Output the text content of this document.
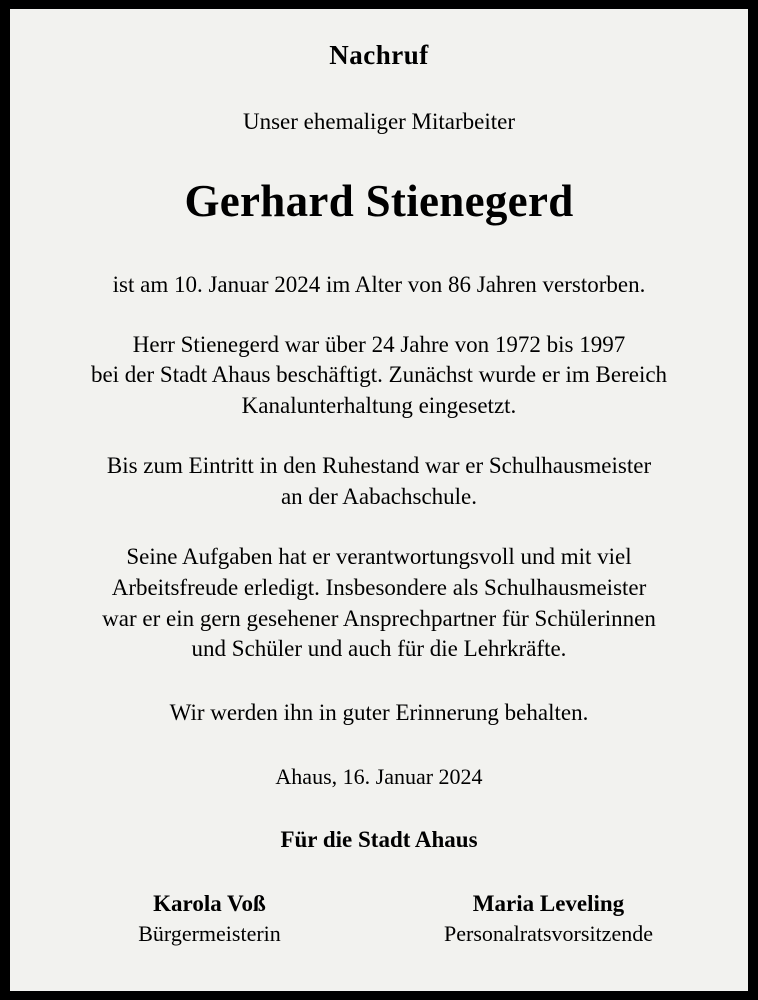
Nachruf
Unser ehemaliger Mitarbeiter
Gerhard Stienegerd
ist am 10. Januar 2024 im Alter von 86 Jahren verstorben.
Herr Stienegerd war über 24 Jahre von 1972 bis 1997
bei der Stadt Ahaus beschäftigt. Zunächst wurde er im Bereich
Kanalunterhaltung eingesetzt.
Bis zum Eintritt in den Ruhestand war er Schulhausmeister
an der Aabachschule.
Seine Aufgaben hat er verantwortungsvoll und mit viel
Arbeitsfreude erledigt. Insbesondere als Schulhausmeister
war er ein gern gesehener Ansprechpartner für Schülerinnen
und Schüler und auch für die Lehrkräfte.
Wir werden ihn in guter Erinnerung behalten.
Ahaus, 16. Januar 2024
Für die Stadt Ahaus
Karola Voß
Bürgermeisterin
Maria Leveling
Personalratsvorsitzende
